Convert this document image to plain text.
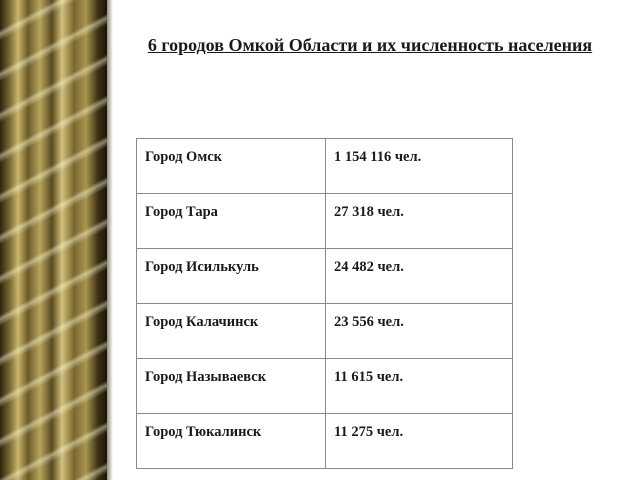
6 городов Омкой Области и их численность населения
Город Омск	1 154 116 чел.
Город Тара	27 318 чел.
Город Исилькуль	24 482 чел.
Город Калачинск	23 556 чел.
Город Называевск	11 615 чел.
Город Тюкалинск	11 275 чел.
